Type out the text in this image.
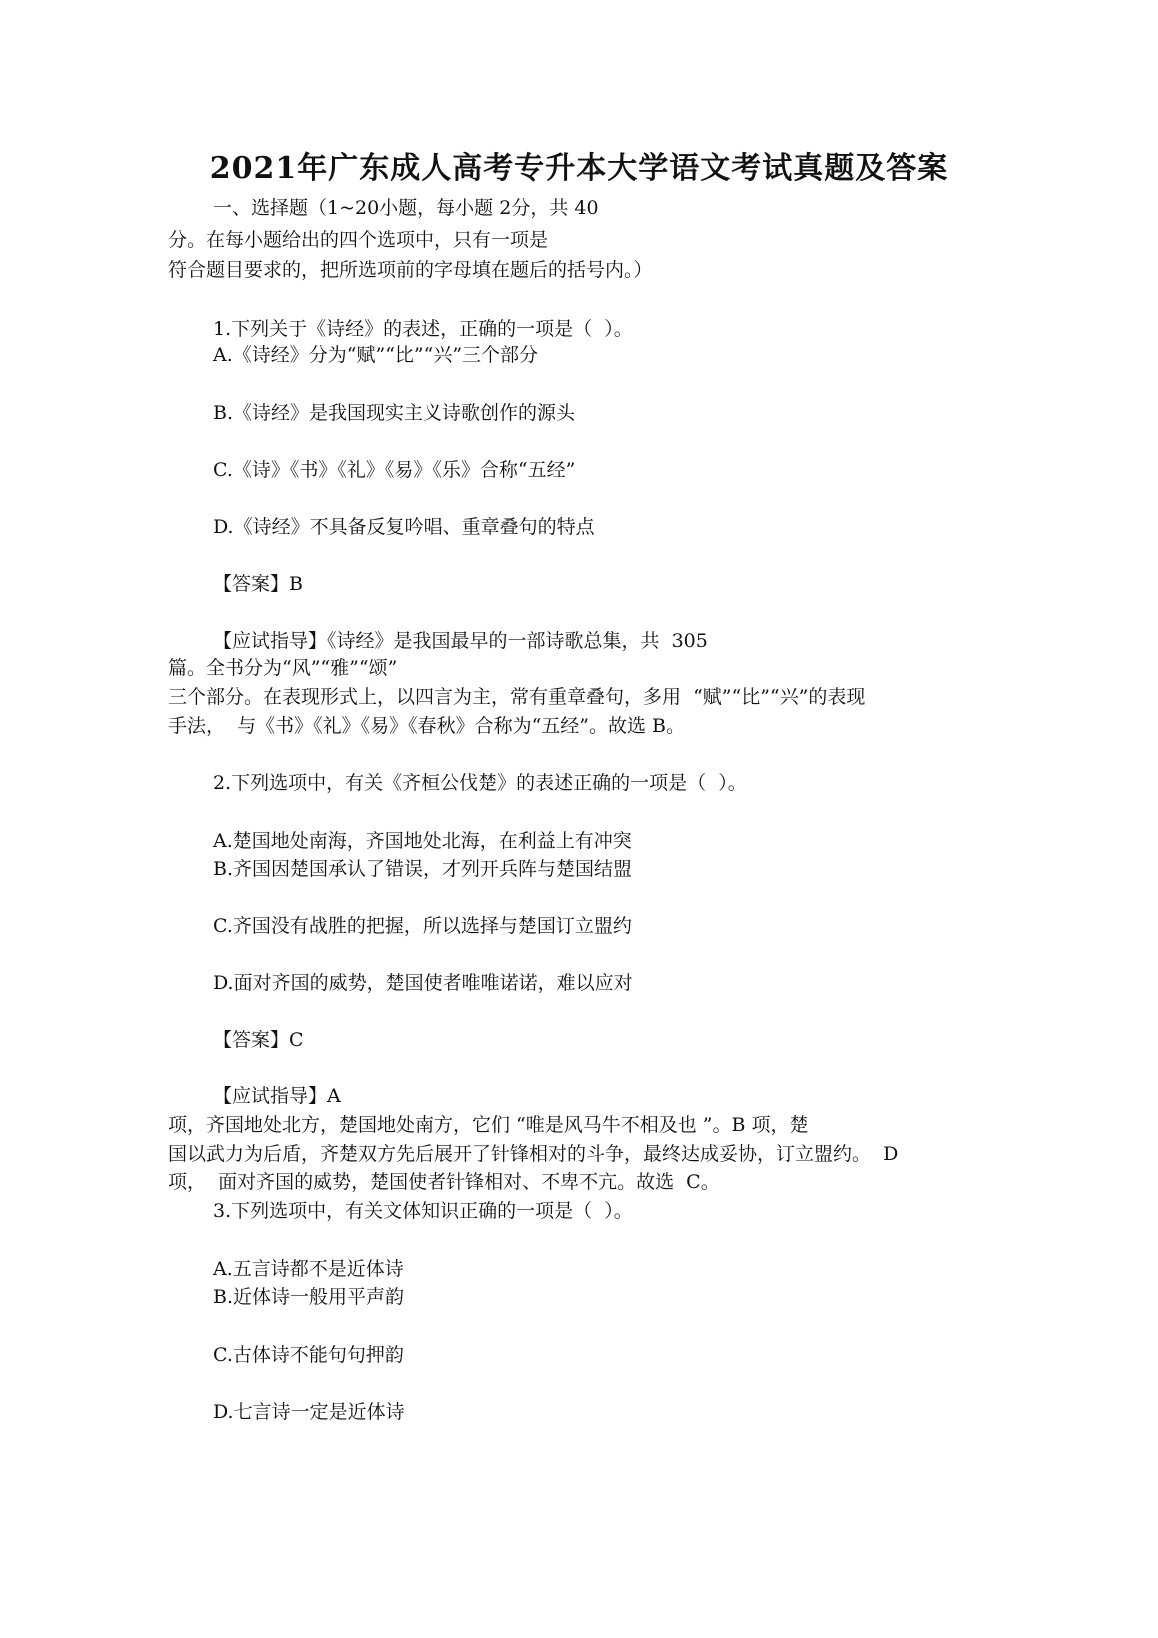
2021年广东成人高考专升本大学语文考试真题及答案
一、选择题（1~20小题，每小题 2分，共 40
分。在每小题给出的四个选项中，只有一项是
符合题目要求的，把所选项前的字母填在题后的括号内。）
1.下列关于《诗经》的表述，正确的一项是（  ）。
A.《诗经》分为“赋”“比”“兴”三个部分
B.《诗经》是我国现实主义诗歌创作的源头
C.《诗》《书》《礼》《易》《乐》合称“五经”
D.《诗经》不具备反复吟唱、重章叠句的特点
【答案】B
【应试指导】《诗经》是我国最早的一部诗歌总集，共  305
篇。全书分为“风”“雅”“颂”
三个部分。在表现形式上，以四言为主，常有重章叠句，多用  “赋”“比”“兴”的表现
手法，  与《书》《礼》《易》《春秋》合称为“五经”。故选 B。
2.下列选项中，有关《齐桓公伐楚》的表述正确的一项是（  ）。
A.楚国地处南海，齐国地处北海，在利益上有冲突
B.齐国因楚国承认了错误，才列开兵阵与楚国结盟
C.齐国没有战胜的把握，所以选择与楚国订立盟约
D.面对齐国的威势，楚国使者唯唯诺诺，难以应对
【答案】C
【应试指导】A
项，齐国地处北方，楚国地处南方，它们 “唯是风马牛不相及也 ”。B 项，楚
国以武力为后盾，齐楚双方先后展开了针锋相对的斗争，最终达成妥协，订立盟约。  D
项，  面对齐国的威势，楚国使者针锋相对、不卑不亢。故选  C。
3.下列选项中，有关文体知识正确的一项是（  ）。
A.五言诗都不是近体诗
B.近体诗一般用平声韵
C.古体诗不能句句押韵
D.七言诗一定是近体诗
